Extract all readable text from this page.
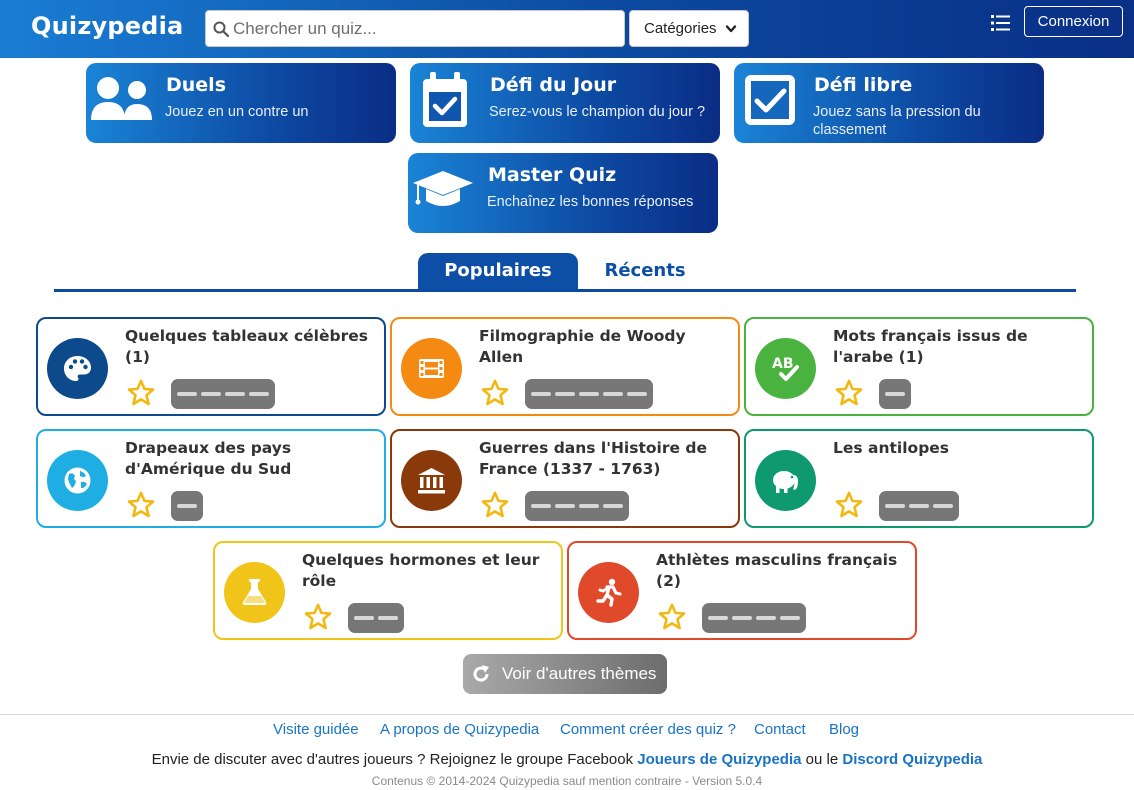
Quizypedia
Chercher un quiz...	Catégories	Connexion
Duels
Jouez en un contre un
Défi du Jour
Serez-vous le champion du jour ?
Défi libre
Jouez sans la pression du classement
Master Quiz
Enchaînez les bonnes réponses
Populaires	Récents
Quelques tableaux célèbres (1)
Filmographie de Woody Allen	AB
Mots français issus de l'arabe (1)
Drapeaux des pays d'Amérique du Sud
Guerres dans l'Histoire de France (1337 - 1763)
Les antilopes
Quelques hormones et leur rôle
Athlètes masculins français (2)
Voir d'autres thèmes
Visite guidée A propos de Quizypedia Comment créer des quiz ? Contact Blog
Envie de discuter avec d'autres joueurs ? Rejoignez le groupe Facebook Joueurs de Quizypedia ou le Discord Quizypedia
Contenus © 2014-2024 Quizypedia sauf mention contraire - Version 5.0.4
